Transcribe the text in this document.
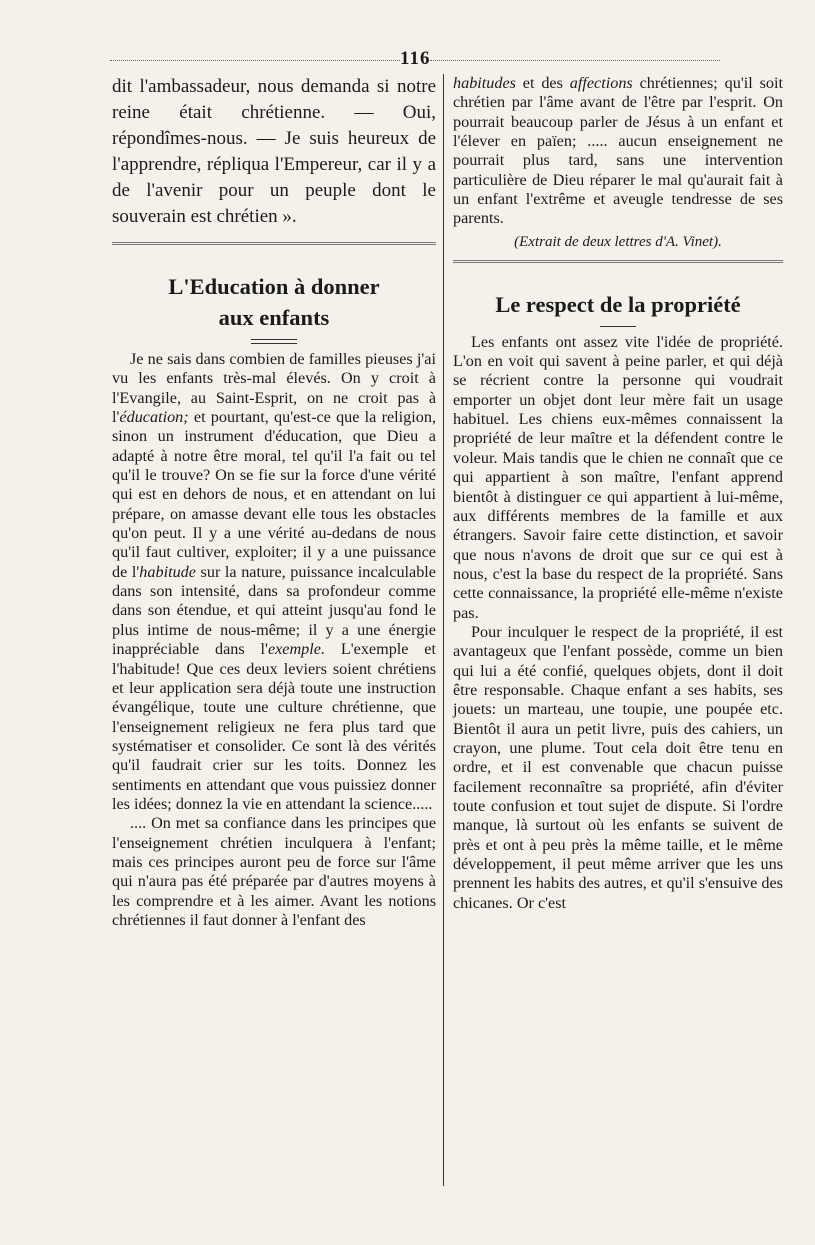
116

dit l'ambassadeur, nous demanda si notre reine était chrétienne. — Oui, répondîmes-nous. — Je suis heureux de l'apprendre, répliqua l'Empereur, car il y a de l'avenir pour un peuple dont le souverain est chrétien ».

L'Education à donner
aux enfants

Je ne sais dans combien de familles pieuses j'ai vu les enfants très-mal élevés. On y croit à l'Evangile, au Saint-Esprit, on ne croit pas à l'éducation; et pourtant, qu'est-ce que la religion, sinon un instrument d'éducation, que Dieu a adapté à notre être moral, tel qu'il l'a fait ou tel qu'il le trouve? On se fie sur la force d'une vérité qui est en dehors de nous, et en attendant on lui prépare, on amasse devant elle tous les obstacles qu'on peut. Il y a une vérité au-dedans de nous qu'il faut cultiver, exploiter; il y a une puissance de l'habitude sur la nature, puissance incalculable dans son intensité, dans sa profondeur comme dans son étendue, et qui atteint jusqu'au fond le plus intime de nous-même; il y a une énergie inappréciable dans l'exemple. L'exemple et l'habitude! Que ces deux leviers soient chrétiens et leur application sera déjà toute une instruction évangélique, toute une culture chrétienne, que l'enseignement religieux ne fera plus tard que systématiser et consolider. Ce sont là des vérités qu'il faudrait crier sur les toits. Donnez les sentiments en attendant que vous puissiez donner les idées; donnez la vie en attendant la science.....

.... On met sa confiance dans les principes que l'enseignement chrétien inculquera à l'enfant; mais ces principes auront peu de force sur l'âme qui n'aura pas été préparée par d'autres moyens à les comprendre et à les aimer. Avant les notions chrétiennes il faut donner à l'enfant des

habitudes et des affections chrétiennes; qu'il soit chrétien par l'âme avant de l'être par l'esprit. On pourrait beaucoup parler de Jésus à un enfant et l'élever en païen; ..... aucun enseignement ne pourrait plus tard, sans une intervention particulière de Dieu réparer le mal qu'aurait fait à un enfant l'extrême et aveugle tendresse de ses parents.

(Extrait de deux lettres d'A. Vinet).
Le respect de la propriété

Les enfants ont assez vite l'idée de propriété. L'on en voit qui savent à peine parler, et qui déjà se récrient contre la personne qui voudrait emporter un objet dont leur mère fait un usage habituel. Les chiens eux-mêmes connaissent la propriété de leur maître et la défendent contre le voleur. Mais tandis que le chien ne connaît que ce qui appartient à son maître, l'enfant apprend bientôt à distinguer ce qui appartient à lui-même, aux différents membres de la famille et aux étrangers. Savoir faire cette distinction, et savoir que nous n'avons de droit que sur ce qui est à nous, c'est la base du respect de la propriété. Sans cette connaissance, la propriété elle-même n'existe pas.

Pour inculquer le respect de la propriété, il est avantageux que l'enfant possède, comme un bien qui lui a été confié, quelques objets, dont il doit être responsable. Chaque enfant a ses habits, ses jouets: un marteau, une toupie, une poupée etc. Bientôt il aura un petit livre, puis des cahiers, un crayon, une plume. Tout cela doit être tenu en ordre, et il est convenable que chacun puisse facilement reconnaître sa propriété, afin d'éviter toute confusion et tout sujet de dispute. Si l'ordre manque, là surtout où les enfants se suivent de près et ont à peu près la même taille, et le même développement, il peut même arriver que les uns prennent les habits des autres, et qu'il s'ensuive des chicanes. Or c'est
